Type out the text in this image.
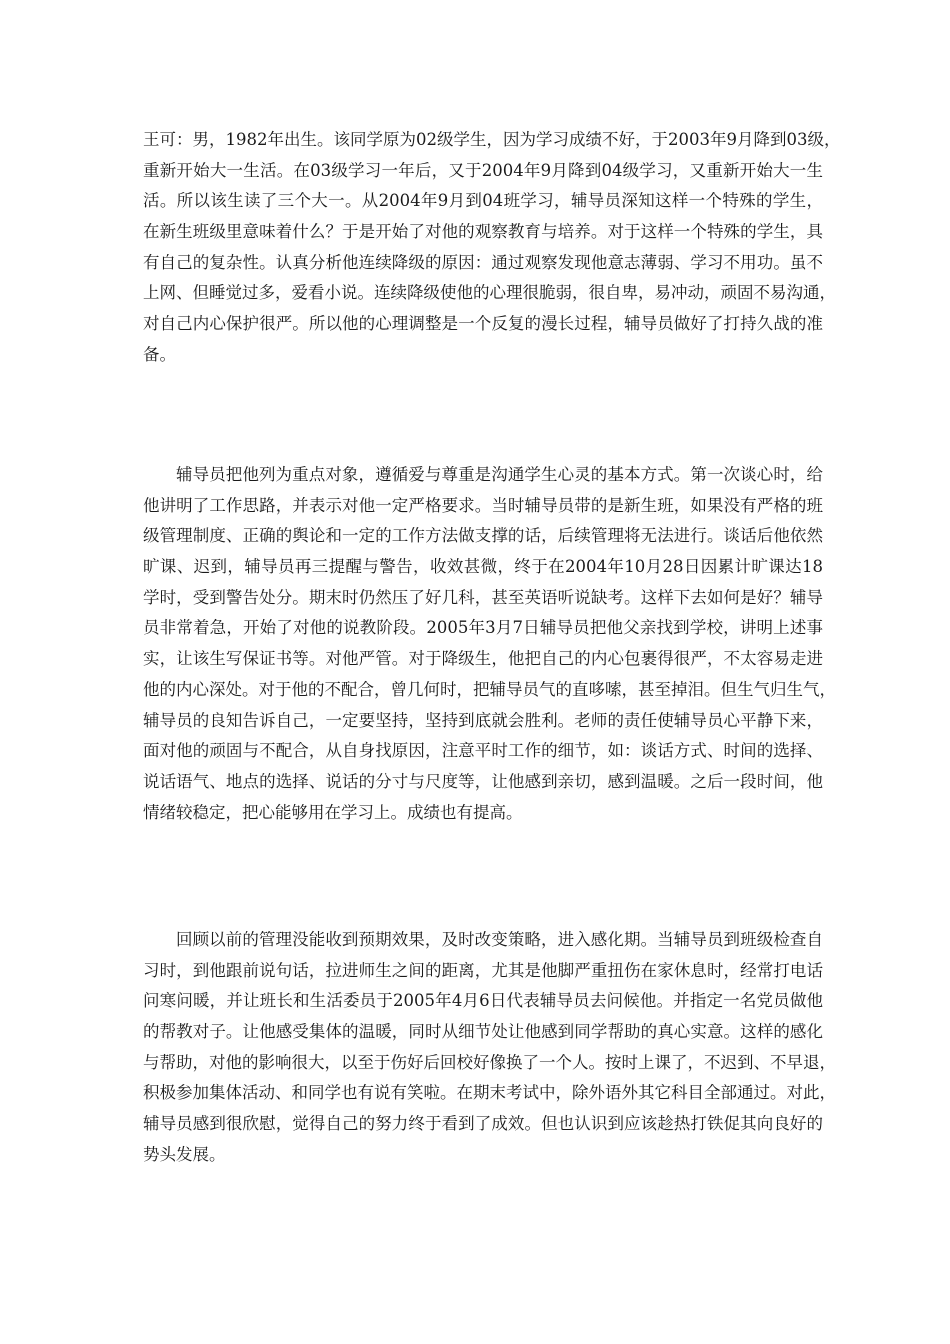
王可：男，1982年出生。该同学原为02级学生，因为学习成绩不好，于2003年9月降到03级，
重新开始大一生活。在03级学习一年后，又于2004年9月降到04级学习，又重新开始大一生
活。所以该生读了三个大一。从2004年9月到04班学习，辅导员深知这样一个特殊的学生，
在新生班级里意味着什么？于是开始了对他的观察教育与培养。对于这样一个特殊的学生，具
有自己的复杂性。认真分析他连续降级的原因：通过观察发现他意志薄弱、学习不用功。虽不
上网、但睡觉过多，爱看小说。连续降级使他的心理很脆弱，很自卑，易冲动，顽固不易沟通，
对自己内心保护很严。所以他的心理调整是一个反复的漫长过程，辅导员做好了打持久战的准
备。
辅导员把他列为重点对象，遵循爱与尊重是沟通学生心灵的基本方式。第一次谈心时，给
他讲明了工作思路，并表示对他一定严格要求。当时辅导员带的是新生班，如果没有严格的班
级管理制度、正确的舆论和一定的工作方法做支撑的话，后续管理将无法进行。谈话后他依然
旷课、迟到，辅导员再三提醒与警告，收效甚微，终于在2004年10月28日因累计旷课达18
学时，受到警告处分。期末时仍然压了好几科，甚至英语听说缺考。这样下去如何是好？辅导
员非常着急，开始了对他的说教阶段。2005年3月7日辅导员把他父亲找到学校，讲明上述事
实，让该生写保证书等。对他严管。对于降级生，他把自己的内心包裹得很严，不太容易走进
他的内心深处。对于他的不配合，曾几何时，把辅导员气的直哆嗦，甚至掉泪。但生气归生气，
辅导员的良知告诉自己，一定要坚持，坚持到底就会胜利。老师的责任使辅导员心平静下来，
面对他的顽固与不配合，从自身找原因，注意平时工作的细节，如：谈话方式、时间的选择、
说话语气、地点的选择、说话的分寸与尺度等，让他感到亲切，感到温暖。之后一段时间，他
情绪较稳定，把心能够用在学习上。成绩也有提高。
回顾以前的管理没能收到预期效果，及时改变策略，进入感化期。当辅导员到班级检查自
习时，到他跟前说句话，拉进师生之间的距离，尤其是他脚严重扭伤在家休息时，经常打电话
问寒问暖，并让班长和生活委员于2005年4月6日代表辅导员去问候他。并指定一名党员做他
的帮教对子。让他感受集体的温暖，同时从细节处让他感到同学帮助的真心实意。这样的感化
与帮助，对他的影响很大，以至于伤好后回校好像换了一个人。按时上课了，不迟到、不早退，
积极参加集体活动、和同学也有说有笑啦。在期末考试中，除外语外其它科目全部通过。对此，
辅导员感到很欣慰，觉得自己的努力终于看到了成效。但也认识到应该趁热打铁促其向良好的
势头发展。
